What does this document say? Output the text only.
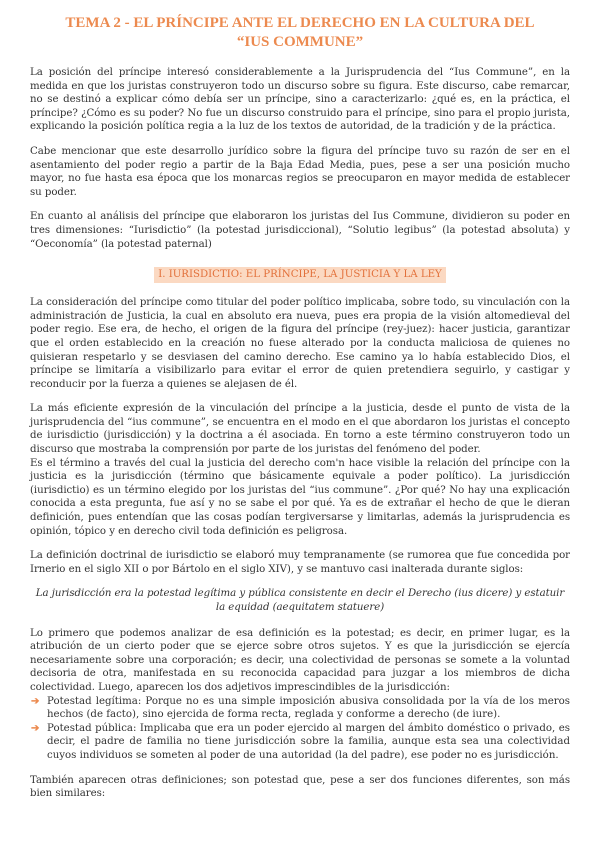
TEMA 2 - EL PRÍNCIPE ANTE EL DERECHO EN LA CULTURA DEL “IUS COMMUNE”

La posición del príncipe interesó considerablemente a la Jurisprudencia del “Ius Commune”, en la medida en que los juristas construyeron todo un discurso sobre su figura. Este discurso, cabe remarcar, no se destinó a explicar cómo debía ser un príncipe, sino a caracterizarlo: ¿qué es, en la práctica, el príncipe? ¿Cómo es su poder? No fue un discurso construido para el príncipe, sino para el propio jurista, explicando la posición política regia a la luz de los textos de autoridad, de la tradición y de la práctica.

Cabe mencionar que este desarrollo jurídico sobre la figura del príncipe tuvo su razón de ser en el asentamiento del poder regio a partir de la Baja Edad Media, pues, pese a ser una posición mucho mayor, no fue hasta esa época que los monarcas regios se preocuparon en mayor medida de establecer su poder.

En cuanto al análisis del príncipe que elaboraron los juristas del Ius Commune, dividieron su poder en tres dimensiones: “Iurisdictio” (la potestad jurisdiccional), “Solutio legibus” (la potestad absoluta) y “Oeconomía” (la potestad paternal)

I. IURISDICTIO: EL PRÍNCIPE, LA JUSTICIA Y LA LEY

La consideración del príncipe como titular del poder político implicaba, sobre todo, su vinculación con la administración de Justicia, la cual en absoluto era nueva, pues era propia de la visión altomedieval del poder regio. Ese era, de hecho, el origen de la figura del príncipe (rey-juez): hacer justicia, garantizar que el orden establecido en la creación no fuese alterado por la conducta maliciosa de quienes no quisieran respetarlo y se desviasen del camino derecho. Ese camino ya lo había establecido Dios, el príncipe se limitaría a visibilizarlo para evitar el error de quien pretendiera seguirlo, y castigar y reconducir por la fuerza a quienes se alejasen de él.

La más eficiente expresión de la vinculación del príncipe a la justicia, desde el punto de vista de la jurisprudencia del “ius commune”, se encuentra en el modo en el que abordaron los juristas el concepto de iurisdictio (jurisdicción) y la doctrina a él asociada. En torno a este término construyeron todo un discurso que mostraba la comprensión por parte de los juristas del fenómeno del poder.

Es el término a través del cual la justicia del derecho com'n hace visible la relación del príncipe con la justicia es la jurisdicción (término que básicamente equivale a poder político). La jurisdicción (iurisdictio) es un término elegido por los juristas del “ius commune”. ¿Por qué? No hay una explicación conocida a esta pregunta, fue así y no se sabe el por qué. Ya es de extrañar el hecho de que le dieran definición, pues entendían que las cosas podían tergiversarse y limitarlas, además la jurisprudencia es opinión, tópico y en derecho civil toda definición es peligrosa.

La definición doctrinal de iurisdictio se elaboró muy tempranamente (se rumorea que fue concedida por Irnerio en el siglo XII o por Bártolo en el siglo XIV), y se mantuvo casi inalterada durante siglos:

La jurisdicción era la potestad legítima y pública consistente en decir el Derecho (ius dicere) y estatuir la equidad (aequitatem statuere)

Lo primero que podemos analizar de esa definición es la potestad; es decir, en primer lugar, es la atribución de un cierto poder que se ejerce sobre otros sujetos. Y es que la jurisdicción se ejercía necesariamente sobre una corporación; es decir, una colectividad de personas se somete a la voluntad decisoria de otra, manifestada en su reconocida capacidad para juzgar a los miembros de dicha colectividad. Luego, aparecen los dos adjetivos imprescindibles de la jurisdicción:

➔ Potestad legítima: Porque no es una simple imposición abusiva consolidada por la vía de los meros hechos (de facto), sino ejercida de forma recta, reglada y conforme a derecho (de iure).
➔ Potestad pública: Implicaba que era un poder ejercido al margen del ámbito doméstico o privado, es decir, el padre de familia no tiene jurisdicción sobre la familia, aunque esta sea una colectividad cuyos individuos se someten al poder de una autoridad (la del padre), ese poder no es jurisdicción.

También aparecen otras definiciones; son potestad que, pese a ser dos funciones diferentes, son más bien similares:
